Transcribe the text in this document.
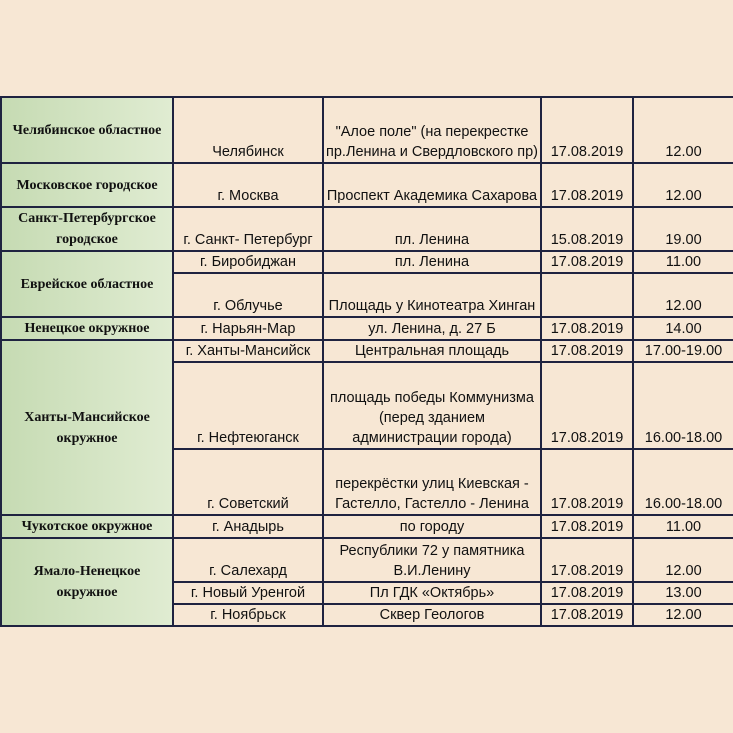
Челябинское областное	Челябинск	"Алое поле" (на перекрестке пр.Ленина и Свердловского пр)	17.08.2019	12.00
Московское городское	г. Москва	Проспект Академика Сахарова	17.08.2019	12.00
Санкт-Петербургское городское	г. Санкт- Петербург	пл. Ленина	15.08.2019	19.00
Еврейское областное	г. Биробиджан	пл. Ленина	17.08.2019	11.00
	г. Облучье	Площадь у Кинотеатра Хинган		12.00
Ненецкое окружное	г. Нарьян-Мар	ул. Ленина, д. 27 Б	17.08.2019	14.00
Ханты-Мансийское окружное	г. Ханты-Мансийск	Центральная площадь	17.08.2019	17.00-19.00
	г. Нефтеюганск	площадь победы Коммунизма (перед зданием администрации города)	17.08.2019	16.00-18.00
	г. Советский	перекрёстки улиц Киевская - Гастелло, Гастелло - Ленина	17.08.2019	16.00-18.00
Чукотское окружное	г. Анадырь	по городу	17.08.2019	11.00
Ямало-Ненецкое окружное	г. Салехард	Республики 72 у памятника В.И.Ленину	17.08.2019	12.00
	г. Новый Уренгой	Пл ГДК «Октябрь»	17.08.2019	13.00
	г. Ноябрьск	Сквер Геологов	17.08.2019	12.00
